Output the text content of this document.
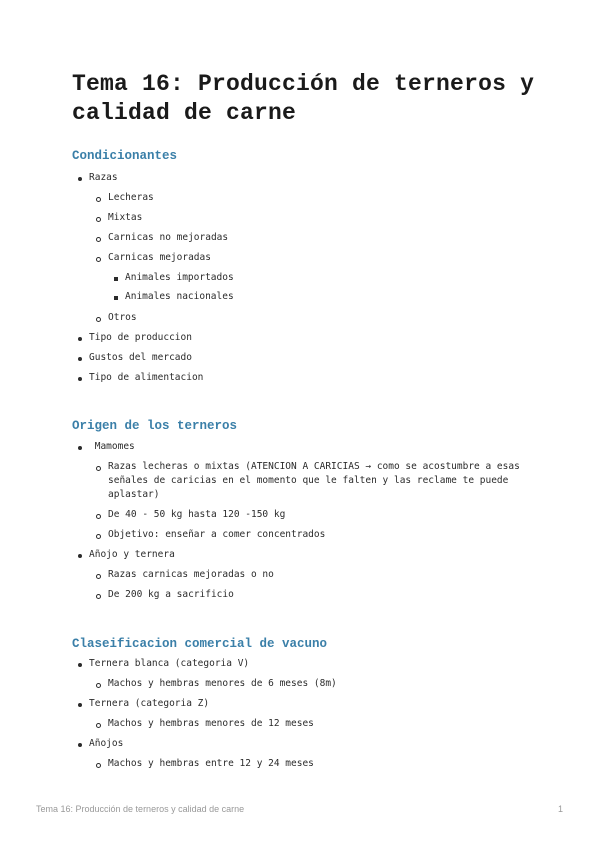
Tema 16: Producción de terneros y calidad de carne
Condicionantes
Razas
Lecheras
Mixtas
Carnicas no mejoradas
Carnicas mejoradas
Animales importados
Animales nacionales
Otros
Tipo de produccion
Gustos del mercado
Tipo de alimentacion
Origen de los terneros
Mamomes
Razas lecheras o mixtas (ATENCION A CARICIAS → como se acostumbre a esas señales de caricias en el momento que le falten y las reclame te puede aplastar)
De 40 - 50 kg hasta 120 -150 kg
Objetivo: enseñar a comer concentrados
Añojo y ternera
Razas carnicas mejoradas o no
De 200 kg a sacrificio
Claseificacion comercial de vacuno
Ternera blanca (categoria V)
Machos y hembras menores de 6 meses (8m)
Ternera (categoria Z)
Machos y hembras menores de 12 meses
Añojos
Machos y hembras entre 12 y 24 meses
Tema 16: Producción de terneros y calidad de carne	1
